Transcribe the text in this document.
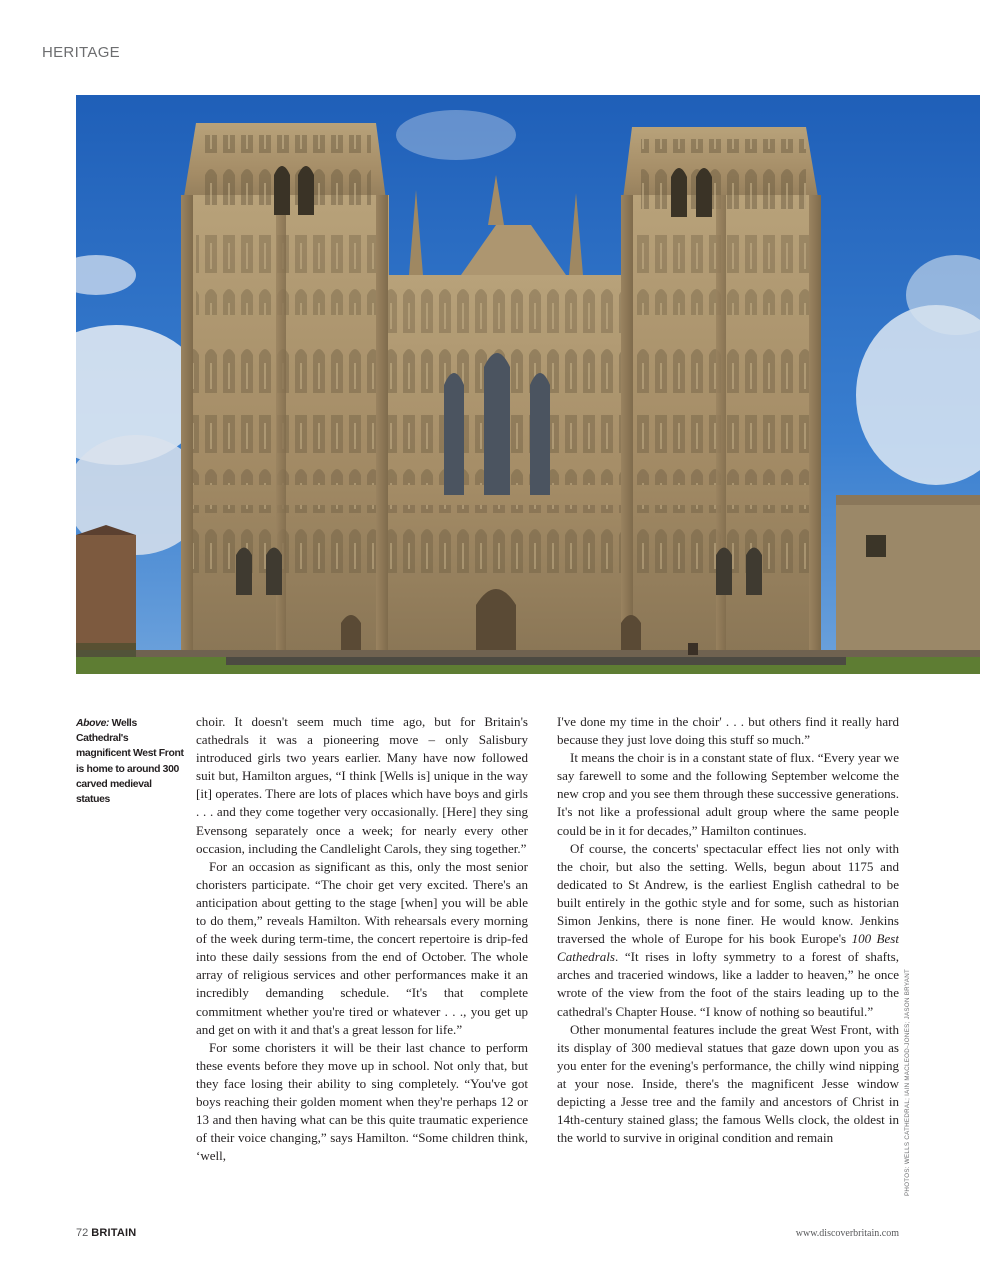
HERITAGE
Above: Wells Cathedral's magnificent West Front is home to around 300 carved medieval statues

choir. It doesn't seem much time ago, but for Britain's cathedrals it was a pioneering move – only Salisbury introduced girls two years earlier. Many have now followed suit but, Hamilton argues, “I think [Wells is] unique in the way [it] operates. There are lots of places which have boys and girls . . . and they come together very occasionally. [Here] they sing Evensong separately once a week; for nearly every other occasion, including the Candlelight Carols, they sing together.”

For an occasion as significant as this, only the most senior choristers participate. “The choir get very excited. There's an anticipation about getting to the stage [when] you will be able to do them,” reveals Hamilton. With rehearsals every morning of the week during term-time, the concert repertoire is drip-fed into these daily sessions from the end of October. The whole array of religious services and other performances make it an incredibly demanding schedule. “It's that complete commitment whether you're tired or whatever . . ., you get up and get on with it and that's a great lesson for life.”

For some choristers it will be their last chance to perform these events before they move up in school. Not only that, but they face losing their ability to sing completely. “You've got boys reaching their golden moment when they're perhaps 12 or 13 and then having what can be this quite traumatic experience of their voice changing,” says Hamilton. “Some children think, ‘well,

I've done my time in the choir' . . . but others find it really hard because they just love doing this stuff so much.”

It means the choir is in a constant state of flux. “Every year we say farewell to some and the following September welcome the new crop and you see them through these successive generations. It's not like a professional adult group where the same people could be in it for decades,” Hamilton continues.

Of course, the concerts' spectacular effect lies not only with the choir, but also the setting. Wells, begun about 1175 and dedicated to St Andrew, is the earliest English cathedral to be built entirely in the gothic style and for some, such as historian Simon Jenkins, there is none finer. He would know. Jenkins traversed the whole of Europe for his book Europe's 100 Best Cathedrals. “It rises in lofty symmetry to a forest of shafts, arches and traceried windows, like a ladder to heaven,” he once wrote of the view from the foot of the stairs leading up to the cathedral's Chapter House. “I know of nothing so beautiful.”

Other monumental features include the great West Front, with its display of 300 medieval statues that gaze down upon you as you enter for the evening's performance, the chilly wind nipping at your nose. Inside, there's the magnificent Jesse window depicting a Jesse tree and the family and ancestors of Christ in 14th-century stained glass; the famous Wells clock, the oldest in the world to survive in original condition and remain	PHOTOS: WELLS CATHEDRAL; IAIN MACLEOD-JONES; JASON BRYANT
72 BRITAIN	www.discoverbritain.com
